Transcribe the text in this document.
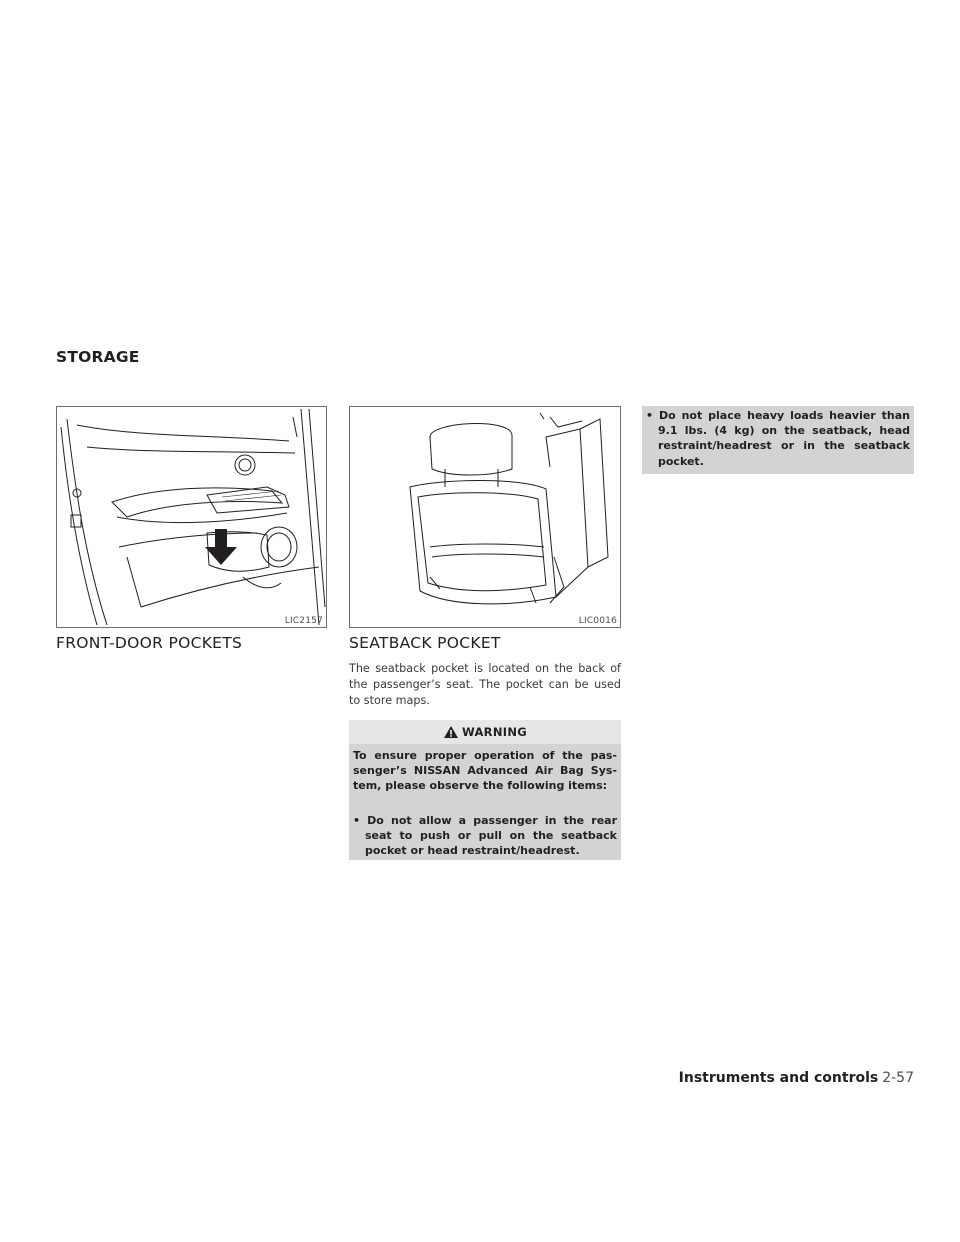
STORAGE
LIC2157	LIC0016
FRONT-DOOR POCKETS	SEATBACK POCKET

The seatback pocket is located on the back of the passenger’s seat. The pocket can be used to store maps.

WARNING

To ensure proper operation of the pas- senger’s NISSAN Advanced Air Bag Sys- tem, please observe the following items:

• Do not allow a passenger in the rear seat to push or pull on the seatback pocket or head restraint/headrest.

• Do not place heavy loads heavier than 9.1 lbs. (4 kg) on the seatback, head restraint/headrest or in the seatback pocket.

Instruments and controls 2-57
